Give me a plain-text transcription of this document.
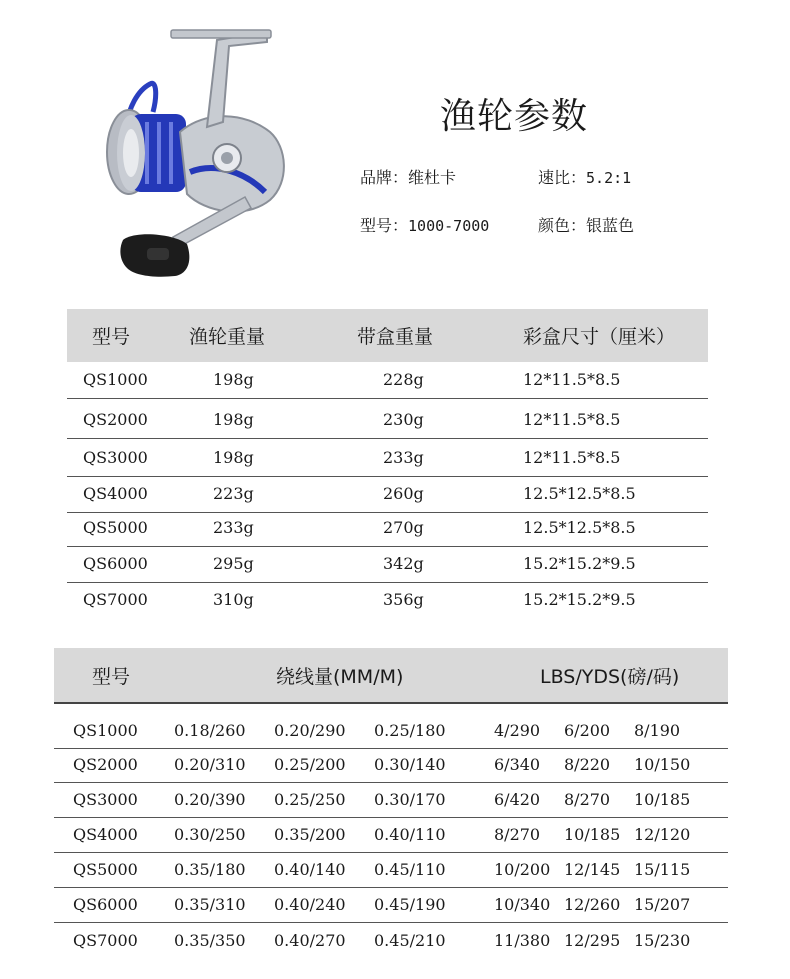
渔轮参数
品牌：维杜卡	速比：5.2:1
型号：1000-7000	颜色：银蓝色
型号	渔轮重量	带盒重量	彩盒尺寸（厘米）
QS1000	198g	228g	12*11.5*8.5
QS2000	198g	230g	12*11.5*8.5
QS3000	198g	233g	12*11.5*8.5
QS4000	223g	260g	12.5*12.5*8.5
QS5000	233g	270g	12.5*12.5*8.5
QS6000	295g	342g	15.2*15.2*9.5
QS7000	310g	356g	15.2*15.2*9.5
型号	绕线量(MM/M)	LBS/YDS(磅/码)
QS1000 0.18/260 0.20/290 0.25/180	4/290 6/200 8/190
QS2000 0.20/310 0.25/200 0.30/140	6/340 8/220 10/150
QS3000 0.20/390 0.25/250 0.30/170	6/420 8/270 10/185
QS4000 0.30/250 0.35/200 0.40/110	8/270 10/185 12/120
QS5000 0.35/180 0.40/140 0.45/110	10/200 12/145 15/115
QS6000 0.35/310 0.40/240 0.45/190	10/340 12/260 15/207
QS7000 0.35/350 0.40/270 0.45/210	11/380 12/295 15/230
